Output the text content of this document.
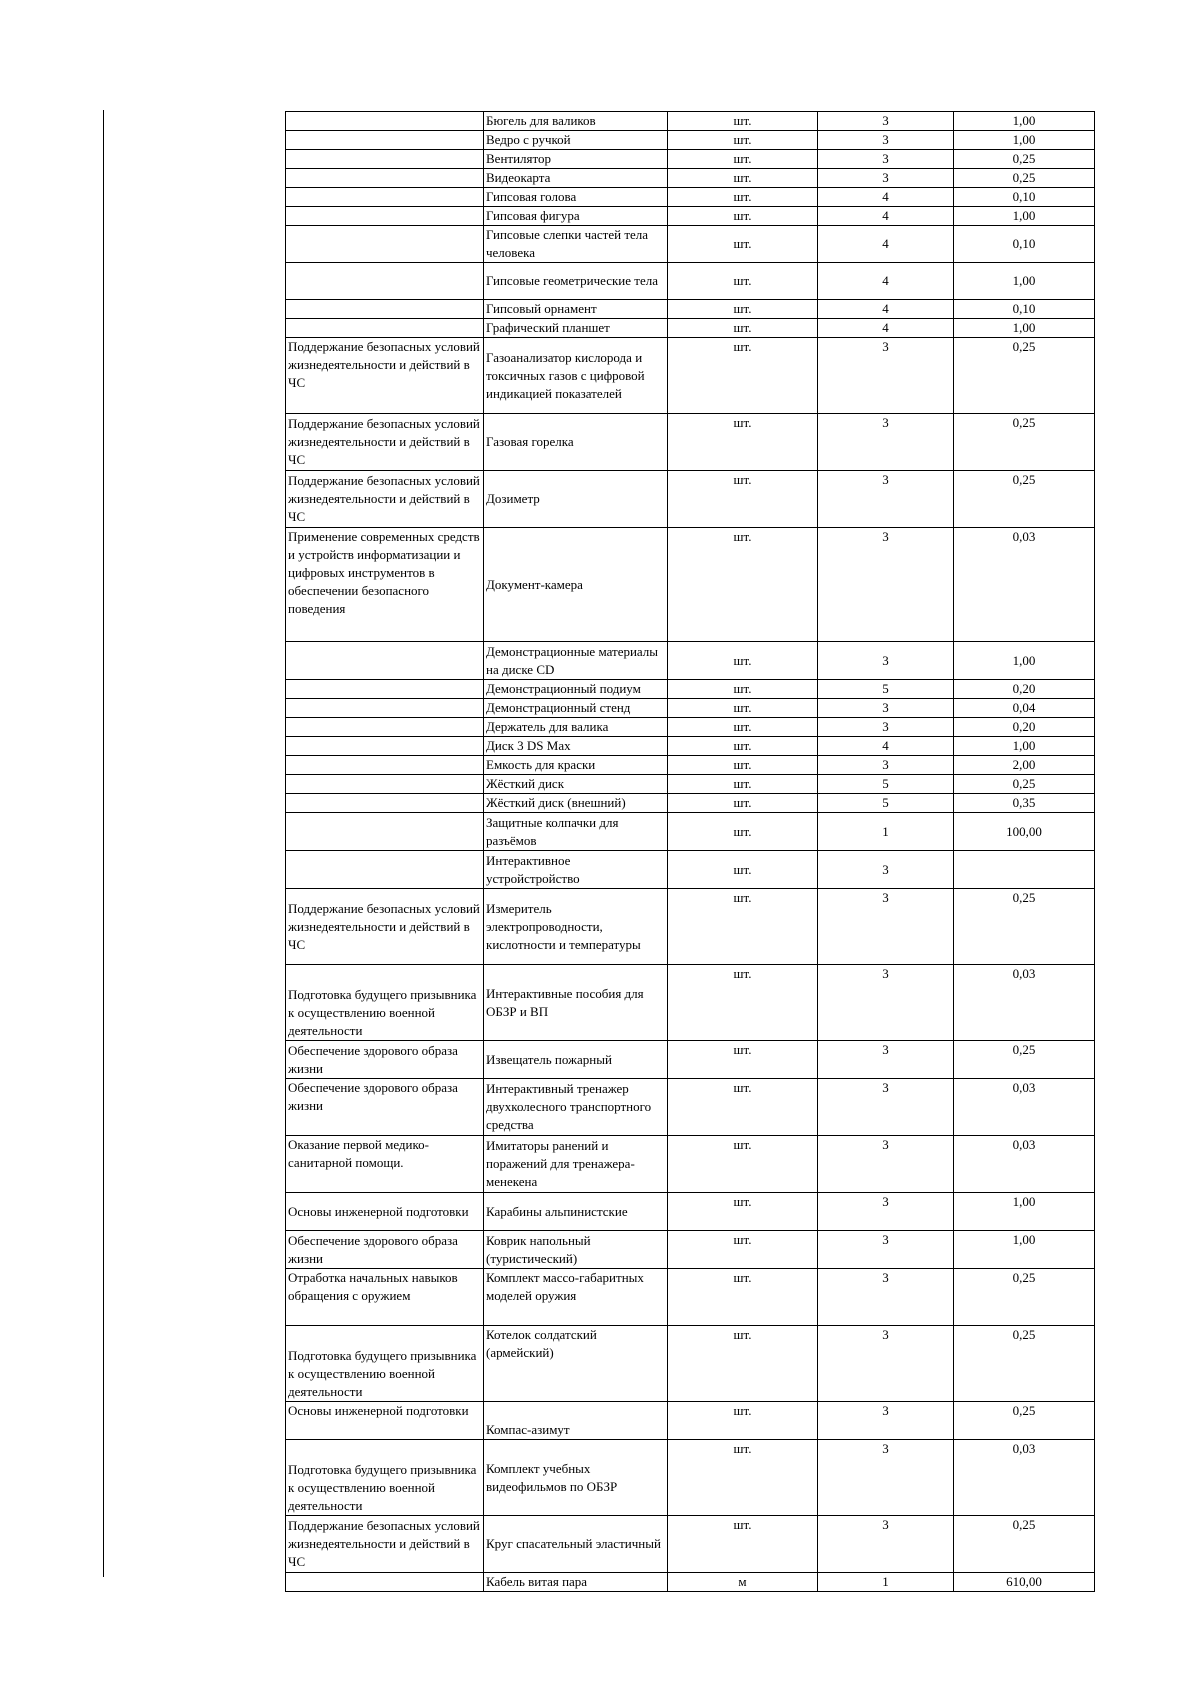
	Бюгель для валиков	шт.	3	1,00
	Ведро с ручкой	шт.	3	1,00
	Вентилятор	шт.	3	0,25
	Видеокарта	шт.	3	0,25
	Гипсовая голова	шт.	4	0,10
	Гипсовая фигура	шт.	4	1,00
	Гипсовые слепки частей тела человека	шт.	4	0,10
	Гипсовые геометрические тела	шт.	4	1,00
	Гипсовый орнамент	шт.	4	0,10
	Графический планшет	шт.	4	1,00
Поддержание безопасных условий жизнедеятельности и действий в ЧС	Газоанализатор кислорода и токсичных газов с цифровой индикацией показателей	шт.	3	0,25
Поддержание безопасных условий жизнедеятельности и действий в ЧС	Газовая горелка	шт.	3	0,25
Поддержание безопасных условий жизнедеятельности и действий в ЧС	Дозиметр	шт.	3	0,25
Применение современных средств и устройств информатизации и цифровых инструментов в обеспечении безопасного поведения	Документ-камера	шт.	3	0,03
	Демонстрационные материалы на диске CD	шт.	3	1,00
	Демонстрационный подиум	шт.	5	0,20
	Демонстрационный стенд	шт.	3	0,04
	Держатель для валика	шт.	3	0,20
	Диск 3 DS Max	шт.	4	1,00
	Емкость для краски	шт.	3	2,00
	Жёсткий диск	шт.	5	0,25
	Жёсткий диск (внешний)	шт.	5	0,35
	Защитные колпачки для разъёмов	шт.	1	100,00
	Интерактивное устройстройство	шт.	3	
Поддержание безопасных условий жизнедеятельности и действий в ЧС	Измеритель электропроводности, кислотности и температуры	шт.	3	0,25
Подготовка будущего призывника к осуществлению военной деятельности	Интерактивные пособия для ОБЗР и ВП	шт.	3	0,03
Обеспечение здорового образа жизни	Извещатель пожарный	шт.	3	0,25
Обеспечение здорового образа жизни	Интерактивный тренажер двухколесного транспортного средства	шт.	3	0,03
Оказание первой медико-санитарной помощи.	Имитаторы ранений и поражений для тренажера-менекена	шт.	3	0,03
Основы инженерной подготовки	Карабины альпинистские	шт.	3	1,00
Обеспечение здорового образа жизни	Коврик напольный (туристический)	шт.	3	1,00
Отработка начальных навыков обращения с оружием	Комплект массо-габаритных моделей оружия	шт.	3	0,25
Подготовка будущего призывника к осуществлению военной деятельности	Котелок солдатский (армейский)	шт.	3	0,25
Основы инженерной подготовки	Компас-азимут	шт.	3	0,25
Подготовка будущего призывника к осуществлению военной деятельности	Комплект учебных видеофильмов по ОБЗР	шт.	3	0,03
Поддержание безопасных условий жизнедеятельности и действий в ЧС	Круг спасательный эластичный	шт.	3	0,25
	Кабель витая пара	м	1	610,00
